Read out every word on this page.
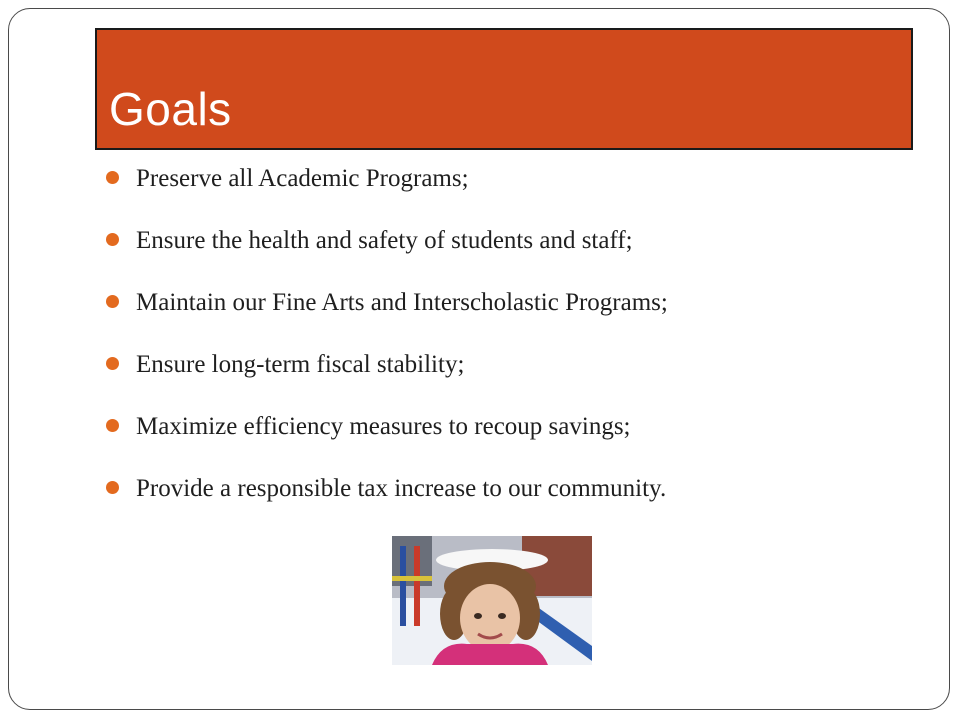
Goals
Preserve all Academic Programs;
Ensure the health and safety of students and staff;
Maintain our Fine Arts and Interscholastic Programs;
Ensure long-term fiscal stability;
Maximize efficiency measures to recoup savings;
Provide a responsible tax increase to our community.
